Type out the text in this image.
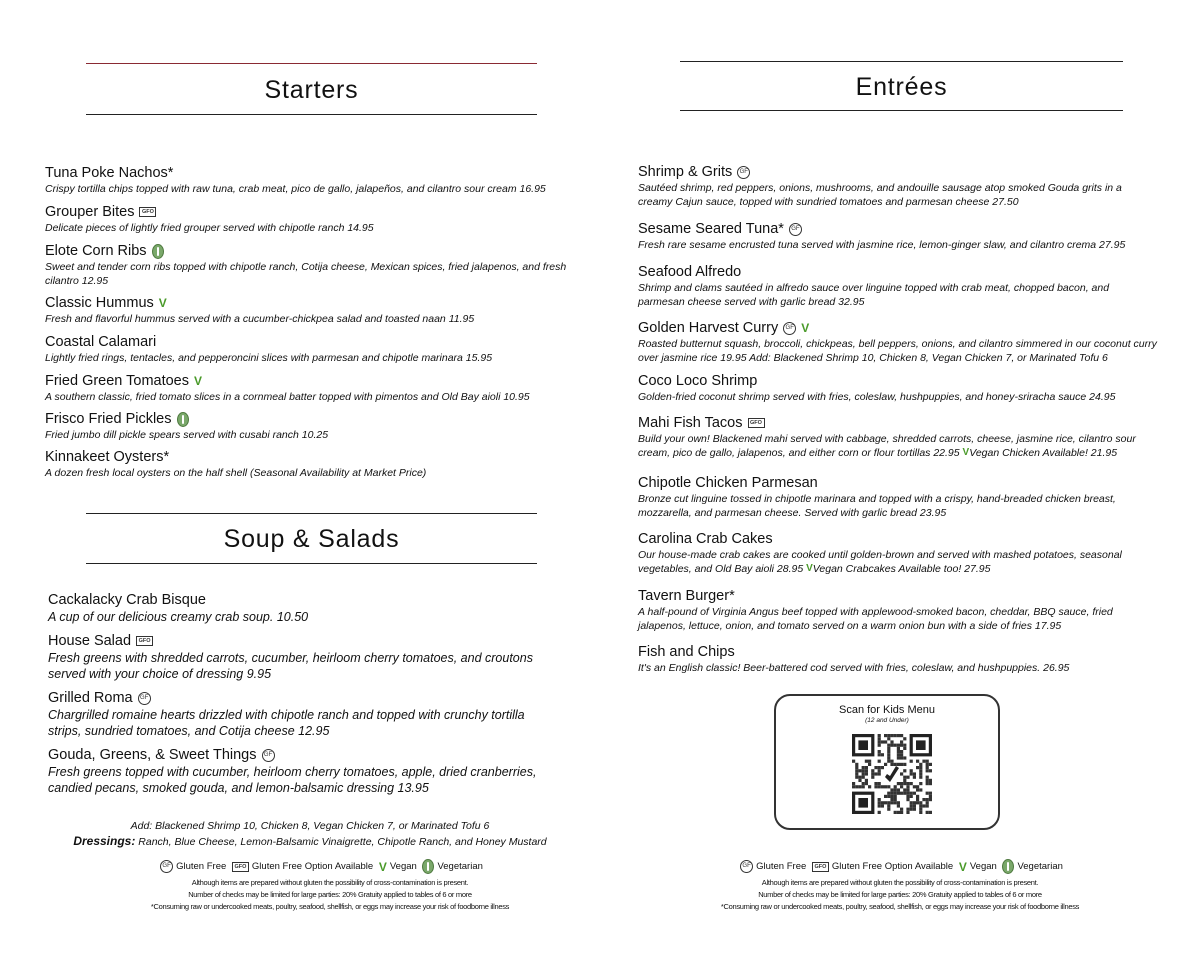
Starters
Tuna Poke Nachos*
Crispy tortilla chips topped with raw tuna, crab meat, pico de gallo, jalapeños, and cilantro sour cream 16.95
Grouper Bites GFO
Delicate pieces of lightly fried grouper served with chipotle ranch 14.95
Elote Corn Ribs
Sweet and tender corn ribs topped with chipotle ranch, Cotija cheese, Mexican spices, fried jalapenos, and fresh cilantro 12.95
Classic Hummus V
Fresh and flavorful hummus served with a cucumber-chickpea salad and toasted naan 11.95
Coastal Calamari
Lightly fried rings, tentacles, and pepperoncini slices with parmesan and chipotle marinara 15.95
Fried Green Tomatoes V
A southern classic, fried tomato slices in a cornmeal batter topped with pimentos and Old Bay aioli 10.95
Frisco Fried Pickles
Fried jumbo dill pickle spears served with cusabi ranch 10.25
Kinnakeet Oysters*
A dozen fresh local oysters on the half shell (Seasonal Availability at Market Price)
Soup & Salads
Cackalacky Crab Bisque
A cup of our delicious creamy crab soup. 10.50
House Salad GFO
Fresh greens with shredded carrots, cucumber, heirloom cherry tomatoes, and croutons served with your choice of dressing 9.95
Grilled Roma GF
Chargrilled romaine hearts drizzled with chipotle ranch and topped with crunchy tortilla strips, sundried tomatoes, and Cotija cheese 12.95
Gouda, Greens, & Sweet Things GF
Fresh greens topped with cucumber, heirloom cherry tomatoes, apple, dried cranberries, candied pecans, smoked gouda, and lemon-balsamic dressing 13.95
Add: Blackened Shrimp 10, Chicken 8, Vegan Chicken 7, or Marinated Tofu 6
Dressings: Ranch, Blue Cheese, Lemon-Balsamic Vinaigrette, Chipotle Ranch, and Honey Mustard
GF Gluten Free GFO Gluten Free Option Available V Vegan Vegetarian
Although items are prepared without gluten the possibility of cross-contamination is present.
Number of checks may be limited for large parties: 20% Gratuity applied to tables of 6 or more
*Consuming raw or undercooked meats, poultry, seafood, shellfish, or eggs may increase your risk of foodborne illness
Entrées
Shrimp & Grits GF
Sautéed shrimp, red peppers, onions, mushrooms, and andouille sausage atop smoked Gouda grits in a creamy Cajun sauce, topped with sundried tomatoes and parmesan cheese 27.50
Sesame Seared Tuna* GF
Fresh rare sesame encrusted tuna served with jasmine rice, lemon-ginger slaw, and cilantro crema 27.95
Seafood Alfredo
Shrimp and clams sautéed in alfredo sauce over linguine topped with crab meat, chopped bacon, and parmesan cheese served with garlic bread 32.95
Golden Harvest Curry GF V
Roasted butternut squash, broccoli, chickpeas, bell peppers, onions, and cilantro simmered in our coconut curry over jasmine rice 19.95 Add: Blackened Shrimp 10, Chicken 8, Vegan Chicken 7, or Marinated Tofu 6
Coco Loco Shrimp
Golden-fried coconut shrimp served with fries, coleslaw, hushpuppies, and honey-sriracha sauce 24.95
Mahi Fish Tacos GFO
Build your own! Blackened mahi served with cabbage, shredded carrots, cheese, jasmine rice, cilantro sour cream, pico de gallo, jalapenos, and either corn or flour tortillas 22.95 VVegan Chicken Available! 21.95
Chipotle Chicken Parmesan
Bronze cut linguine tossed in chipotle marinara and topped with a crispy, hand-breaded chicken breast, mozzarella, and parmesan cheese. Served with garlic bread 23.95
Carolina Crab Cakes
Our house-made crab cakes are cooked until golden-brown and served with mashed potatoes, seasonal vegetables, and Old Bay aioli 28.95 VVegan Crabcakes Available too! 27.95
Tavern Burger*
A half-pound of Virginia Angus beef topped with applewood-smoked bacon, cheddar, BBQ sauce, fried jalapenos, lettuce, onion, and tomato served on a warm onion bun with a side of fries 17.95
Fish and Chips
It's an English classic! Beer-battered cod served with fries, coleslaw, and hushpuppies. 26.95
Scan for Kids Menu
(12 and Under)
GF Gluten Free GFO Gluten Free Option Available V Vegan Vegetarian
Although items are prepared without gluten the possibility of cross-contamination is present.
Number of checks may be limited for large parties: 20% Gratuity applied to tables of 6 or more
*Consuming raw or undercooked meats, poultry, seafood, shellfish, or eggs may increase your risk of foodborne illness
